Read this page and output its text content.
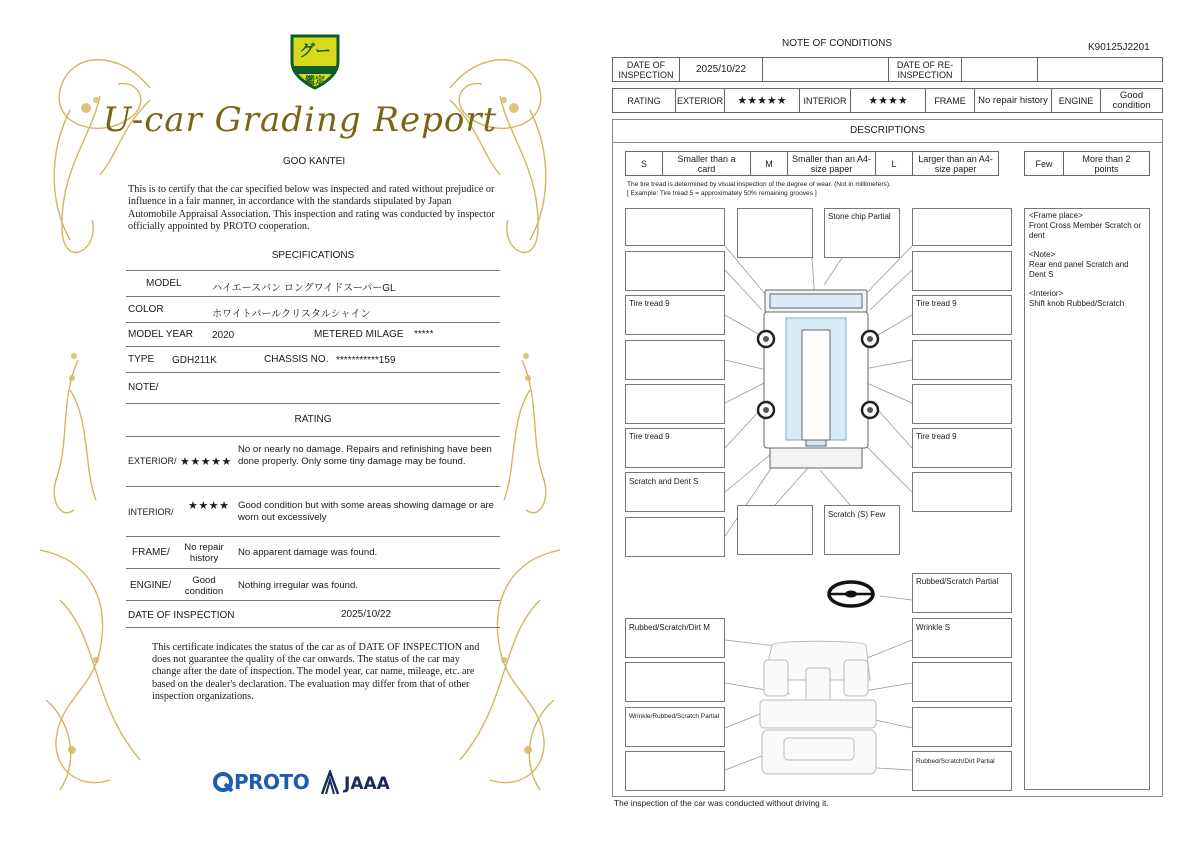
グー
鑑定
U-car Grading Report
GOO KANTEI
This is to certify that the car specified below was inspected and rated without prejudice or influence in a fair manner, in accordance with the standards stipulated by Japan Automobile Appraisal Association. This inspection and rating was conducted by inspector officially appointed by PROTO cooperation.
SPECIFICATIONS
MODEL	ハイエースバン ロングワイドスーパーGL
COLOR	ホワイトパールクリスタルシャイン
MODEL YEAR 2020	METERED MILAGE *****
TYPE GDH211K	CHASSIS NO. ***********159
NOTE/
RATING
EXTERIOR/ ★★★★★
No or nearly no damage. Repairs and refinishing have been done properly. Only some tiny damage may be found.
INTERIOR/ ★★★★ Good condition but with some areas showing damage or are worn out excessively
FRAME/	No repair history
No apparent damage was found.
ENGINE/	Good condition
Nothing irregular was found.
DATE OF INSPECTION	2025/10/22
This certificate indicates the status of the car as of DATE OF INSPECTION and does not guarantee the quality of the car onwards. The status of the car may change after the date of inspection. The model year, car name, mileage, etc. are based on the dealer's declaration. The evaluation may differ from that of other inspection organizations.
PROTO JAAA
NOTE OF CONDITIONS	K90125J2201
DATE OF INSPECTION	2025/10/22	DATE OF RE-INSPECTION
RATING	EXTERIOR	★★★★★	INTERIOR	★★★★	FRAME	No repair history	ENGINE	Good condition
DESCRIPTIONS
S	Smaller than a card	M	Smaller than an A4-size paper	L	Larger than an A4-size paper	Few	More than 2 points
The tire tread is determined by visual inspection of the degree of wear. (Not in millimeters).
[ Example: Tire tread 5 = approximately 50% remaining grooves ]
Tire tread 9
Tire tread 9
Scratch and Dent S
Stone chip Partial
Scratch (S) Few
Tire tread 9
Tire tread 9
Rubbed/Scratch Partial
Rubbed/Scratch/Dirt M	Wrinkle S
Wrinkle/Rubbed/Scratch Partial
Rubbed/Scratch/Dirt Partial
<Frame place>

Front Cross Member Scratch or dent

<Note>

Rear end panel Scratch and Dent S

<Interior>

Shift knob Rubbed/Scratch

The inspection of the car was conducted without driving it.
